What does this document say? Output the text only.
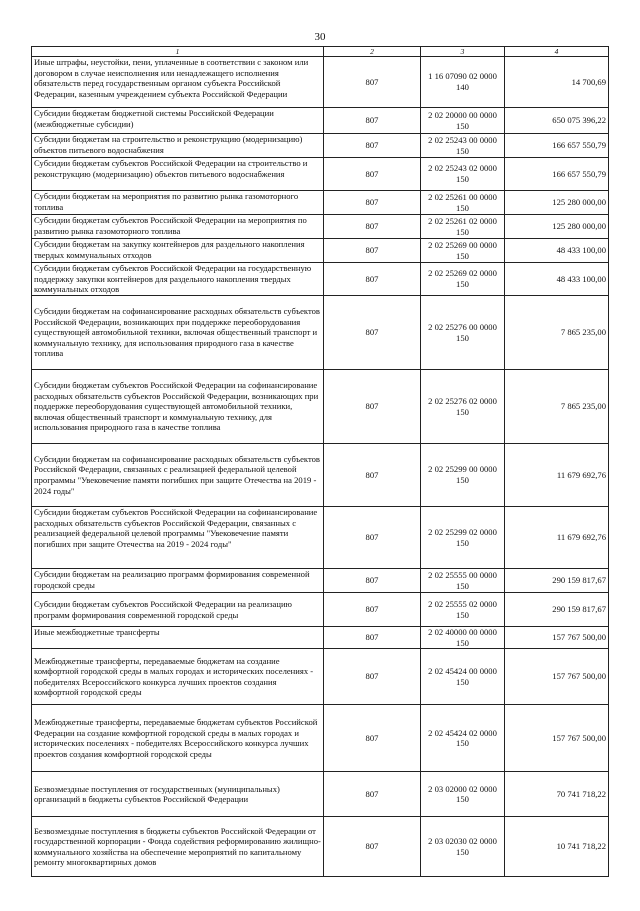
30
1	2	3	4
Иные штрафы, неустойки, пени, уплаченные в соответствии с законом или договором в случае неисполнения или ненадлежащего исполнения обязательств перед государственным органом субъекта Российской Федерации, казенным учреждением субъекта Российской Федерации	807	1 16 07090 02 0000 140	14 700,69
Субсидии бюджетам бюджетной системы Российской Федерации (межбюджетные субсидии)	807	2 02 20000 00 0000 150	650 075 396,22
Субсидии бюджетам на строительство и реконструкцию (модернизацию) объектов питьевого водоснабжения	807	2 02 25243 00 0000 150	166 657 550,79
Субсидии бюджетам субъектов Российской Федерации на строительство и реконструкцию (модернизацию) объектов питьевого водоснабжения	807	2 02 25243 02 0000 150	166 657 550,79
Субсидии бюджетам на мероприятия по развитию рынка газомоторного топлива	807	2 02 25261 00 0000 150	125 280 000,00
Субсидии бюджетам субъектов Российской Федерации на мероприятия по развитию рынка газомоторного топлива	807	2 02 25261 02 0000 150	125 280 000,00
Субсидии бюджетам на закупку контейнеров для раздельного накопления твердых коммунальных отходов	807	2 02 25269 00 0000 150	48 433 100,00
Субсидии бюджетам субъектов Российской Федерации на государственную поддержку закупки контейнеров для раздельного накопления твердых коммунальных отходов	807	2 02 25269 02 0000 150	48 433 100,00
Субсидии бюджетам на софинансирование расходных обязательств субъектов Российской Федерации, возникающих при поддержке переоборудования существующей автомобильной техники, включая общественный транспорт и коммунальную технику, для использования природного газа в качестве топлива	807	2 02 25276 00 0000 150	7 865 235,00
Субсидии бюджетам субъектов Российской Федерации на софинансирование расходных обязательств субъектов Российской Федерации, возникающих при поддержке переоборудования существующей автомобильной техники, включая общественный транспорт и коммунальную технику, для использования природного газа в качестве топлива	807	2 02 25276 02 0000 150	7 865 235,00
Субсидии бюджетам на софинансирование расходных обязательств субъектов Российской Федерации, связанных с реализацией федеральной целевой программы "Увековечение памяти погибших при защите Отечества на 2019 - 2024 годы"	807	2 02 25299 00 0000 150	11 679 692,76
Субсидии бюджетам субъектов Российской Федерации на софинансирование расходных обязательств субъектов Российской Федерации, связанных с реализацией федеральной целевой программы "Увековечение памяти погибших при защите Отечества на 2019 - 2024 годы"	807	2 02 25299 02 0000 150	11 679 692,76
Субсидии бюджетам на реализацию программ формирования современной городской среды	807	2 02 25555 00 0000 150	290 159 817,67
Субсидии бюджетам субъектов Российской Федерации на реализацию программ формирования современной городской среды	807	2 02 25555 02 0000 150	290 159 817,67
Иные межбюджетные трансферты	807	2 02 40000 00 0000 150	157 767 500,00
Межбюджетные трансферты, передаваемые бюджетам на создание комфортной городской среды в малых городах и исторических поселениях - победителях Всероссийского конкурса лучших проектов создания комфортной городской среды	807	2 02 45424 00 0000 150	157 767 500,00
Межбюджетные трансферты, передаваемые бюджетам субъектов Российской Федерации на создание комфортной городской среды в малых городах и исторических поселениях - победителях Всероссийского конкурса лучших проектов создания комфортной городской среды	807	2 02 45424 02 0000 150	157 767 500,00
Безвозмездные поступления от государственных (муниципальных) организаций в бюджеты субъектов Российской Федерации	807	2 03 02000 02 0000 150	70 741 718,22
Безвозмездные поступления в бюджеты субъектов Российской Федерации от государственной корпорации - Фонда содействия реформированию жилищно-коммунального хозяйства на обеспечение мероприятий по капитальному ремонту многоквартирных домов	807	2 03 02030 02 0000 150	10 741 718,22
